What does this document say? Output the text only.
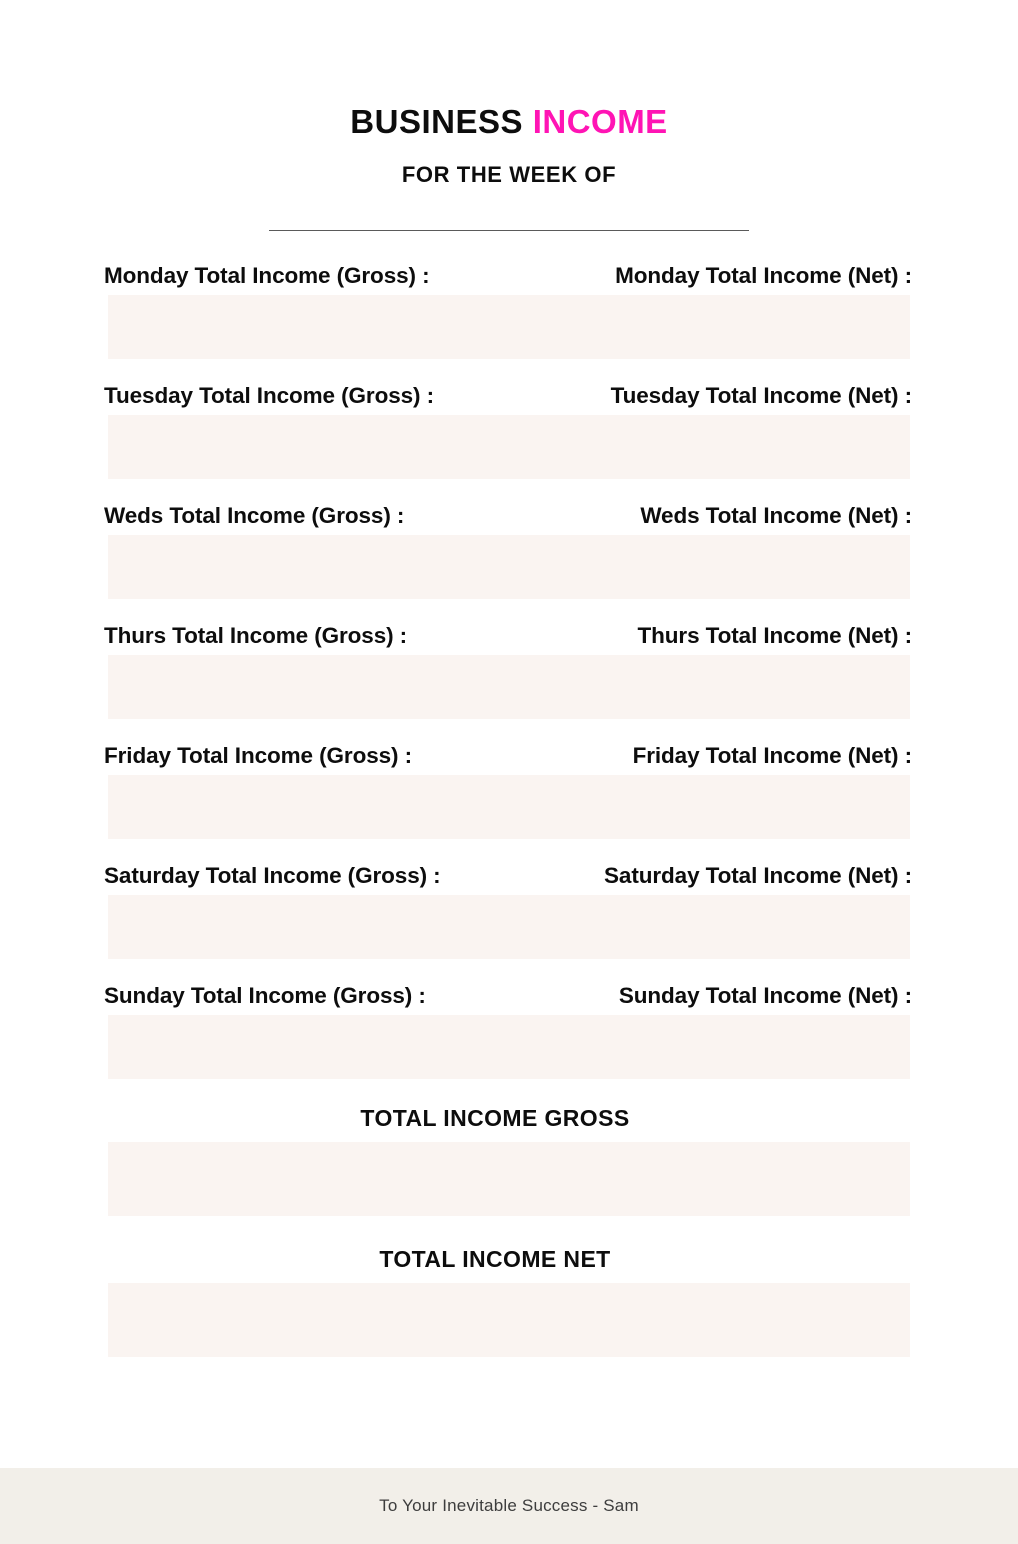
BUSINESS INCOME
FOR THE WEEK OF
Monday Total Income (Gross) :	Monday Total Income (Net) :
Tuesday Total Income (Gross) :	Tuesday Total Income (Net) :
Weds Total Income (Gross) :	Weds Total Income (Net) :
Thurs Total Income (Gross) :	Thurs Total Income (Net) :
Friday Total Income (Gross) :	Friday Total Income (Net) :
Saturday Total Income (Gross) :	Saturday Total Income (Net) :
Sunday Total Income (Gross) :	Sunday Total Income (Net) :
TOTAL INCOME GROSS
TOTAL INCOME NET
To Your Inevitable Success - Sam
